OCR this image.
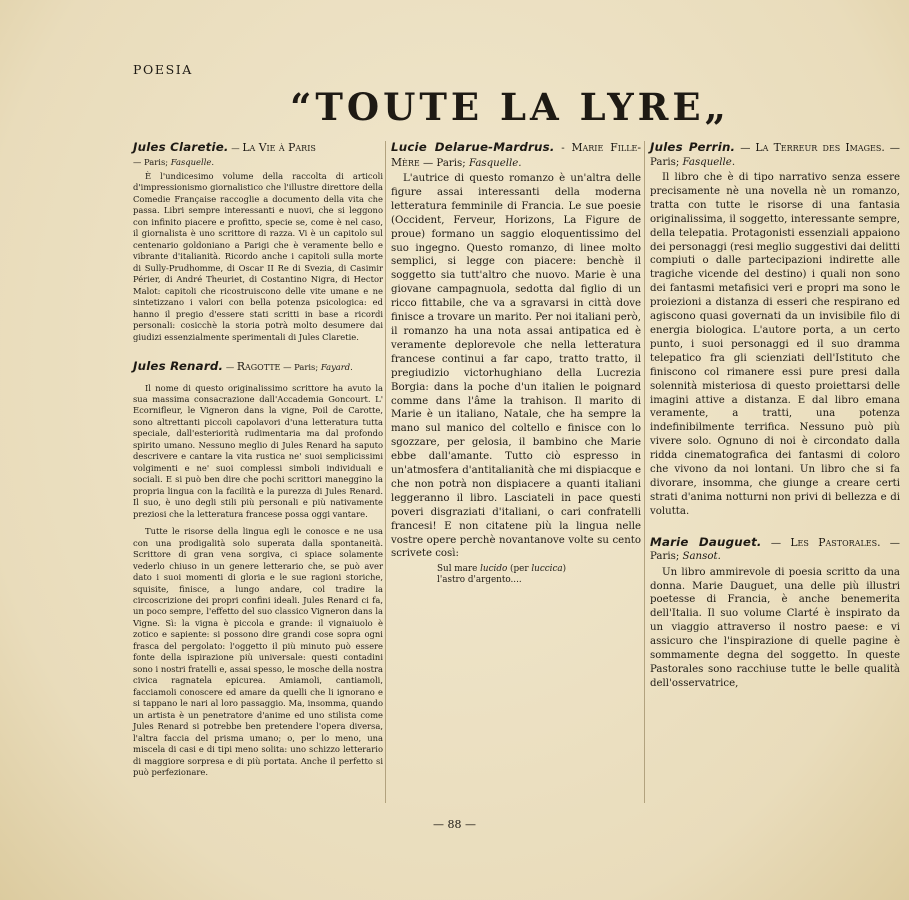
POESIA

“TOUTE LA LYRE„
Jules Claretie. — La Vie à Paris
— Paris; Fasquelle.

È l'undicesimo volume della raccolta di articoli d'impressionismo giornalistico che l'illustre direttore della Comedie Française raccoglie a documento della vita che passa. Libri sempre interessanti e nuovi, che si leggono con infinito piacere e profitto, specie se, come è nel caso, il giornalista è uno scrittore di razza. Vi è un capitolo sul centenario goldoniano a Parigi che è veramente bello e vibrante d'italianità. Ricordo anche i capitoli sulla morte di Sully-Prudhomme, di Oscar II Re di Svezia, di Casimir Périer, di André Theuriet, di Costantino Nigra, di Hector Malot: capitoli che ricostruiscono delle vite umane e ne sintetizzano i valori con bella potenza psicologica: ed hanno il pregio d'essere stati scritti in base a ricordi personali: cosicchè la storia potrà molto desumere dai giudizi essenzialmente sperimentali di Jules Claretie.

Jules Renard. — Ragotte — Paris; Fayard.

Il nome di questo originalissimo scrittore ha avuto la sua massima consacrazione dall'Accademia Goncourt. L' Ecornifleur, le Vigneron dans la vigne, Poil de Carotte, sono altrettanti piccoli capolavori d'una letteratura tutta speciale, dall'esteriorità rudimentaria ma dal profondo spirito umano. Nessuno meglio di Jules Renard ha saputo descrivere e cantare la vita rustica ne' suoi semplicissimi volgimenti e ne' suoi complessi simboli individuali e sociali. E si può ben dire che pochi scrittori maneggino la propria lingua con la facilità e la purezza di Jules Renard. Il suo, è uno degli stili più personali e più nativamente preziosi che la letteratura francese possa oggi vantare.

Tutte le risorse della lingua egli le conosce e ne usa con una prodigalità solo superata dalla spontaneità. Scrittore di gran vena sorgiva, ci spiace solamente vederlo chiuso in un genere letterario che, se può aver dato i suoi momenti di gloria e le sue ragioni storiche, squisite, finisce, a lungo andare, col tradire la circoscrizione dei propri confini ideali. Jules Renard ci fa, un poco sempre, l'effetto del suo classico Vigneron dans la Vigne. Sì: la vigna è piccola e grande: il vignaiuolo è zotico e sapiente: si possono dire grandi cose sopra ogni frasca del pergolato: l'oggetto il più minuto può essere fonte della ispirazione più universale: questi contadini sono i nostri fratelli e, assai spesso, le mosche della nostra civica ragnatela epicurea. Amiamoli, cantiamoli, facciamoli conoscere ed amare da quelli che li ignorano e si tappano le nari al loro passaggio. Ma, insomma, quando un artista è un penetratore d'anime ed uno stilista come Jules Renard si potrebbe ben pretendere l'opera diversa, l'altra faccia del prisma umano; o, per lo meno, una miscela di casi e di tipi meno solita: uno schizzo letterario di maggiore sorpresa e di più portata. Anche il perfetto si può perfezionare.

Lucie Delarue-Mardrus. - Marie Fille-Mère — Paris; Fasquelle.

L'autrice di questo romanzo è un'altra delle figure assai interessanti della moderna letteratura femminile di Francia. Le sue poesie (Occident, Ferveur, Horizons, La Figure de proue) formano un saggio eloquentissimo del suo ingegno. Questo romanzo, di linee molto semplici, si legge con piacere: benchè il soggetto sia tutt'altro che nuovo. Marie è una giovane campagnuola, sedotta dal figlio di un ricco fittabile, che va a sgravarsi in città dove finisce a trovare un marito. Per noi italiani però, il romanzo ha una nota assai antipatica ed è veramente deplorevole che nella letteratura francese continui a far capo, tratto tratto, il pregiudizio victorhughiano della Lucrezia Borgia: dans la poche d'un italien le poignard comme dans l'âme la trahison. Il marito di Marie è un italiano, Natale, che ha sempre la mano sul manico del coltello e finisce con lo sgozzare, per gelosia, il bambino che Marie ebbe dall'amante. Tutto ciò espresso in un'atmosfera d'antitalianità che mi dispiacque e che non potrà non dispiacere a quanti italiani leggeranno il libro. Lasciateli in pace questi poveri disgraziati d'italiani, o cari confratelli francesi! E non citatene più la lingua nelle vostre opere perchè novantanove volte su cento scrivete così:

Sul mare lucido (per luccica)
l'astro d'argento....
Jules Perrin. — La Terreur des Images. — Paris; Fasquelle.

Il libro che è di tipo narrativo senza essere precisamente nè una novella nè un romanzo, tratta con tutte le risorse di una fantasia originalissima, il soggetto, interessante sempre, della telepatia. Protagonisti essenziali appaiono dei personaggi (resi meglio suggestivi dai delitti compiuti o dalle partecipazioni indirette alle tragiche vicende del destino) i quali non sono dei fantasmi metafisici veri e propri ma sono le proiezioni a distanza di esseri che respirano ed agiscono quasi governati da un invisibile filo di energia biologica. L'autore porta, a un certo punto, i suoi personaggi ed il suo dramma telepatico fra gli scienziati dell'Istituto che finiscono col rimanere essi pure presi dalla solennità misteriosa di questo proiettarsi delle imagini attive a distanza. E dal libro emana veramente, a tratti, una potenza indefinibilmente terrifica. Nessuno può più vivere solo. Ognuno di noi è circondato dalla ridda cinematografica dei fantasmi di coloro che vivono da noi lontani. Un libro che si fa divorare, insomma, che giunge a creare certi strati d'anima notturni non privi di bellezza e di volutta.

Marie Dauguet. — Les Pastorales. — Paris; Sansot.

Un libro ammirevole di poesia scritto da una donna. Marie Dauguet, una delle più illustri poetesse di Francia, è anche benemerita dell'Italia. Il suo volume Clarté è inspirato da un viaggio attraverso il nostro paese: e vi assicuro che l'inspirazione di quelle pagine è sommamente degna del soggetto. In queste Pastorales sono racchiuse tutte le belle qualità dell'osservatrice,

— 88 —
